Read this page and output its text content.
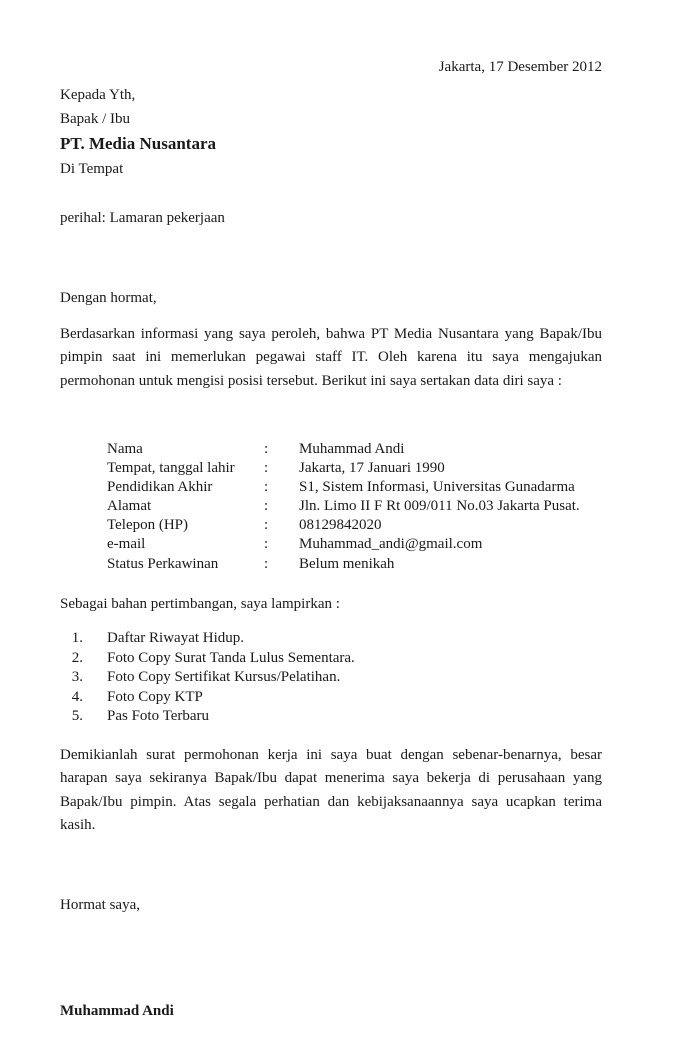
Jakarta, 17 Desember 2012
Kepada Yth,
Bapak / Ibu
PT. Media Nusantara
Di Tempat
perihal: Lamaran pekerjaan
Dengan hormat,
Berdasarkan informasi yang saya peroleh, bahwa PT Media Nusantara yang Bapak/Ibu pimpin saat ini memerlukan pegawai staff IT. Oleh karena itu saya mengajukan permohonan untuk mengisi posisi tersebut. Berikut ini saya sertakan data diri saya :
Nama	:	Muhammad Andi
Tempat, tanggal lahir	:	Jakarta, 17 Januari 1990
Pendidikan Akhir	:	S1, Sistem Informasi, Universitas Gunadarma
Alamat	:	Jln. Limo II F Rt 009/011 No.03 Jakarta Pusat.
Telepon (HP)	:	08129842020
e-mail	:	Muhammad_andi@gmail.com
Status Perkawinan	:	Belum menikah
Sebagai bahan pertimbangan, saya lampirkan :
1. Daftar Riwayat Hidup.
2. Foto Copy Surat Tanda Lulus Sementara.
3. Foto Copy Sertifikat Kursus/Pelatihan.
4. Foto Copy KTP
5. Pas Foto Terbaru
Demikianlah surat permohonan kerja ini saya buat dengan sebenar-benarnya, besar harapan saya sekiranya Bapak/Ibu dapat menerima saya bekerja di perusahaan yang Bapak/Ibu pimpin. Atas segala perhatian dan kebijaksanaannya saya ucapkan terima kasih.
Hormat saya,
Muhammad Andi
